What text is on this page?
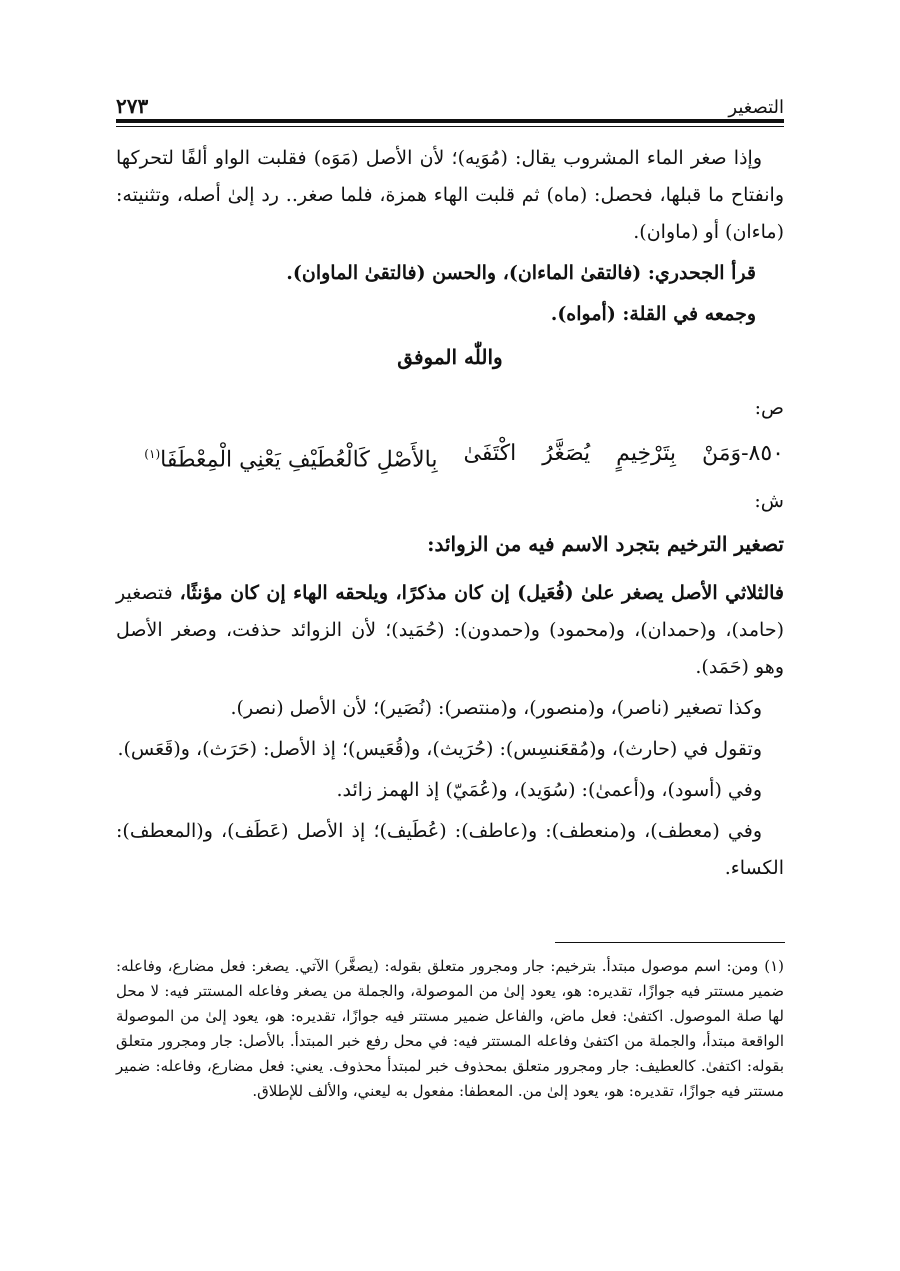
التصغير
٢٧٣

وإذا صغر الماء المشروب يقال: (مُوَيه)؛ لأن الأصل (مَوَه) فقلبت الواو ألفًا لتحركها وانفتاح ما قبلها، فحصل: (ماه) ثم قلبت الهاء همزة، فلما صغر.. رد إلىٰ أصله، وتثنيته: (ماءان) أو (ماوان).

قرأ الجحدري: (فالتقىٰ الماءان)، والحسن (فالتقىٰ الماوان).

وجمعه في القلة: (أمواه).

واللّٰه الموفق

ص:

٨٥٠-وَمَنْ
بِتَرْخِيمٍ
يُصَغَّرُ
اكْتَفَىٰ
بِالأَصْلِ كَالْعُطَيْفِ يَعْنِي الْمِعْطَفَا$^{(١)}$

ش:

تصغير الترخيم بتجرد الاسم فيه من الزوائد:

فالثلاثي الأصل يصغر علىٰ (فُعَيل) إن كان مذكرًا، ويلحقه الهاء إن كان مؤنثًا، فتصغير (حامد)، و(حمدان)، و(محمود) و(حمدون): (حُمَيد)؛ لأن الزوائد حذفت، وصغر الأصل وهو (حَمَد).

وكذا تصغير (ناصر)، و(منصور)، و(منتصر): (نُصَير)؛ لأن الأصل (نصر).

وتقول في (حارث)، و(مُقعَنسِس): (حُرَيث)، و(قُعَيس)؛ إذ الأصل: (حَرَث)، و(قَعَس).

وفي (أسود)، و(أعمىٰ): (سُوَيد)، و(عُمَيّ) إذ الهمز زائد.

وفي (معطف)، و(منعطف): و(عاطف): (عُطَيف)؛ إذ الأصل (عَطَف)، و(المعطف): الكساء.

(١)ومن: اسم موصول مبتدأ. بترخيم: جار ومجرور متعلق بقوله: (يصغَّر) الآتي. يصغر: فعل مضارع، وفاعله: ضمير مستتر فيه جوازًا، تقديره: هو، يعود إلىٰ من الموصولة، والجملة من يصغر وفاعله المستتر فيه: لا محل لها صلة الموصول. اكتفىٰ: فعل ماض، والفاعل ضمير مستتر فيه جوازًا، تقديره: هو، يعود إلىٰ من الموصولة الواقعة مبتدأ، والجملة من اكتفىٰ وفاعله المستتر فيه: في محل رفع خبر المبتدأ. بالأصل: جار ومجرور متعلق بقوله: اكتفىٰ. كالعطيف: جار ومجرور متعلق بمحذوف خبر لمبتدأ محذوف. يعني: فعل مضارع، وفاعله: ضمير مستتر فيه جوازًا، تقديره: هو، يعود إلىٰ من. المعطفا: مفعول به ليعني، والألف للإطلاق.
